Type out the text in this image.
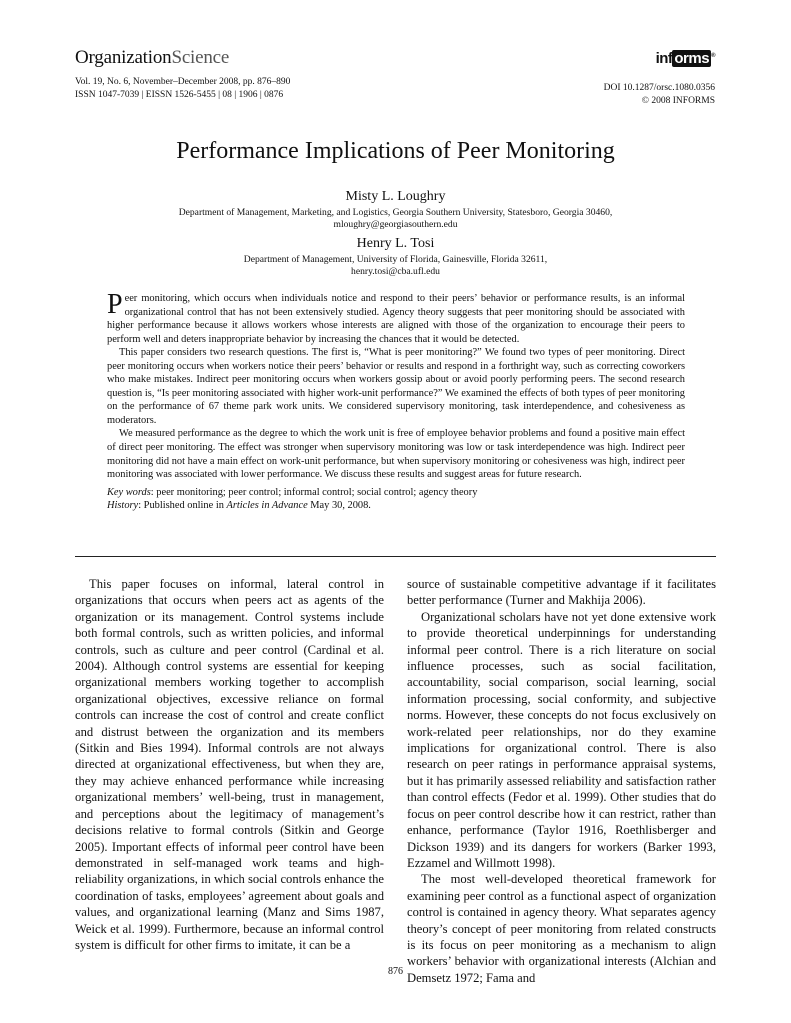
OrganizationScience
Vol. 19, No. 6, November–December 2008, pp. 876–890
ISSN 1047-7039 | EISSN 1526-5455 | 08 | 1906 | 0876
inf orms ®
DOI 10.1287/orsc.1080.0356
© 2008 INFORMS
Performance Implications of Peer Monitoring
Misty L. Loughry
Department of Management, Marketing, and Logistics, Georgia Southern University, Statesboro, Georgia 30460,
mloughry@georgiasouthern.edu
Henry L. Tosi
Department of Management, University of Florida, Gainesville, Florida 32611,
henry.tosi@cba.ufl.edu

Peer monitoring, which occurs when individuals notice and respond to their peers’ behavior or performance results, is an informal organizational control that has not been extensively studied. Agency theory suggests that peer monitoring should be associated with higher performance because it allows workers whose interests are aligned with those of the organization to encourage their peers to perform well and deters inappropriate behavior by increasing the chances that it would be detected.

This paper considers two research questions. The first is, “What is peer monitoring?” We found two types of peer monitoring. Direct peer monitoring occurs when workers notice their peers’ behavior or results and respond in a forthright way, such as correcting coworkers who make mistakes. Indirect peer monitoring occurs when workers gossip about or avoid poorly performing peers. The second research question is, “Is peer monitoring associated with higher work-unit performance?” We examined the effects of both types of peer monitoring on the performance of 67 theme park work units. We considered supervisory monitoring, task interdependence, and cohesiveness as moderators.

We measured performance as the degree to which the work unit is free of employee behavior problems and found a positive main effect of direct peer monitoring. The effect was stronger when supervisory monitoring was low or task interdependence was high. Indirect peer monitoring did not have a main effect on work-unit performance, but when supervisory monitoring or cohesiveness was high, indirect peer monitoring was associated with lower performance. We discuss these results and suggest areas for future research.

Key words: peer monitoring; peer control; informal control; social control; agency theory

History: Published online in Articles in Advance May 30, 2008.

This paper focuses on informal, lateral control in organizations that occurs when peers act as agents of the organization or its management. Control systems include both formal controls, such as written policies, and informal controls, such as culture and peer control (Cardinal et al. 2004). Although control systems are essential for keeping organizational members working together to accomplish organizational objectives, excessive reliance on formal controls can increase the cost of control and create conflict and distrust between the organization and its members (Sitkin and Bies 1994). Informal controls are not always directed at organizational effectiveness, but when they are, they may achieve enhanced performance while increasing organizational members’ well-being, trust in management, and perceptions about the legitimacy of management’s decisions relative to formal controls (Sitkin and George 2005). Important effects of informal peer control have been demonstrated in self-managed work teams and high-reliability organizations, in which social controls enhance the coordination of tasks, employees’ agreement about goals and values, and organizational learning (Manz and Sims 1987, Weick et al. 1999). Furthermore, because an informal control system is difficult for other firms to imitate, it can be a

source of sustainable competitive advantage if it facilitates better performance (Turner and Makhija 2006).

Organizational scholars have not yet done extensive work to provide theoretical underpinnings for understanding informal peer control. There is a rich literature on social influence processes, such as social facilitation, accountability, social comparison, social learning, social information processing, social conformity, and subjective norms. However, these concepts do not focus exclusively on work-related peer relationships, nor do they examine implications for organizational control. There is also research on peer ratings in performance appraisal systems, but it has primarily assessed reliability and satisfaction rather than control effects (Fedor et al. 1999). Other studies that do focus on peer control describe how it can restrict, rather than enhance, performance (Taylor 1916, Roethlisberger and Dickson 1939) and its dangers for workers (Barker 1993, Ezzamel and Willmott 1998).

The most well-developed theoretical framework for examining peer control as a functional aspect of organization control is contained in agency theory. What separates agency theory’s concept of peer monitoring from related constructs is its focus on peer monitoring as a mechanism to align workers’ behavior with organizational interests (Alchian and Demsetz 1972; Fama and

876
